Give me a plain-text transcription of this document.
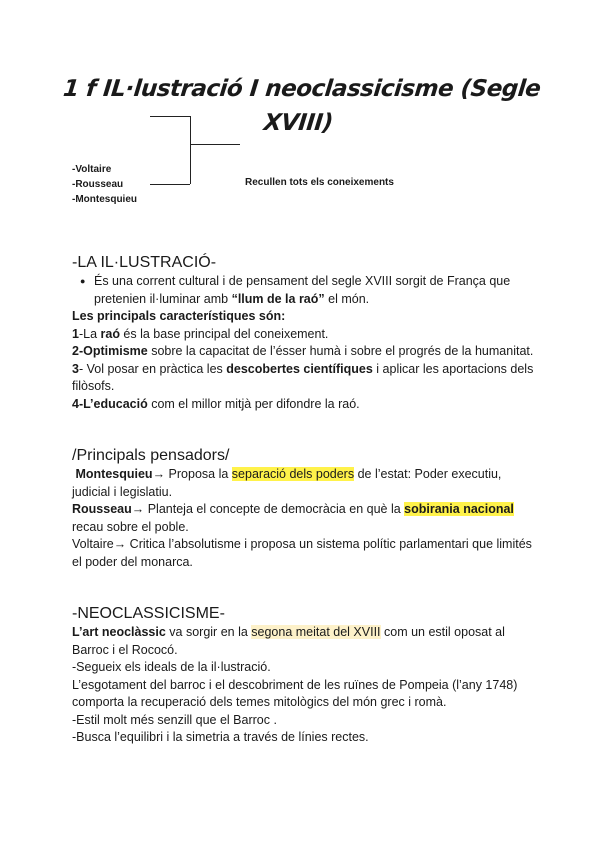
1 f IL·lustració I neoclassicisme (Segle XVIII)
-Voltaire
-Rousseau
-Montesquieu
Recullen tots els coneixements
-LA IL·LUSTRACIÓ-
● És una corrent cultural i de pensament del segle XVIII sorgit de França que pretenien il·luminar amb “llum de la raó” el món.

Les principals característiques són:

1-La raó és la base principal del coneixement.

2-Optimisme sobre la capacitat de l’ésser humà i sobre el progrés de la humanitat.

3- Vol posar en pràctica les descobertes científiques i aplicar les aportacions dels filòsofs.

4-L’educació com el millor mitjà per difondre la raó.

/Principals pensadors/

Montesquieu→ Proposa la separació dels poders de l’estat: Poder executiu, judicial i legislatiu.

Rousseau→ Planteja el concepte de democràcia en què la sobirania nacional recau sobre el poble.

Voltaire→ Critica l’absolutisme i proposa un sistema polític parlamentari que limités el poder del monarca.

-NEOCLASSICISME-

L’art neoclàssic va sorgir en la segona meitat del XVIII com un estil oposat al Barroc i el Rococó.

-Segueix els ideals de la il·lustració.

L’esgotament del barroc i el descobriment de les ruïnes de Pompeia (l’any 1748) comporta la recuperació dels temes mitològics del món grec i romà.

-Estil molt més senzill que el Barroc .

-Busca l’equilibri i la simetria a través de línies rectes.
